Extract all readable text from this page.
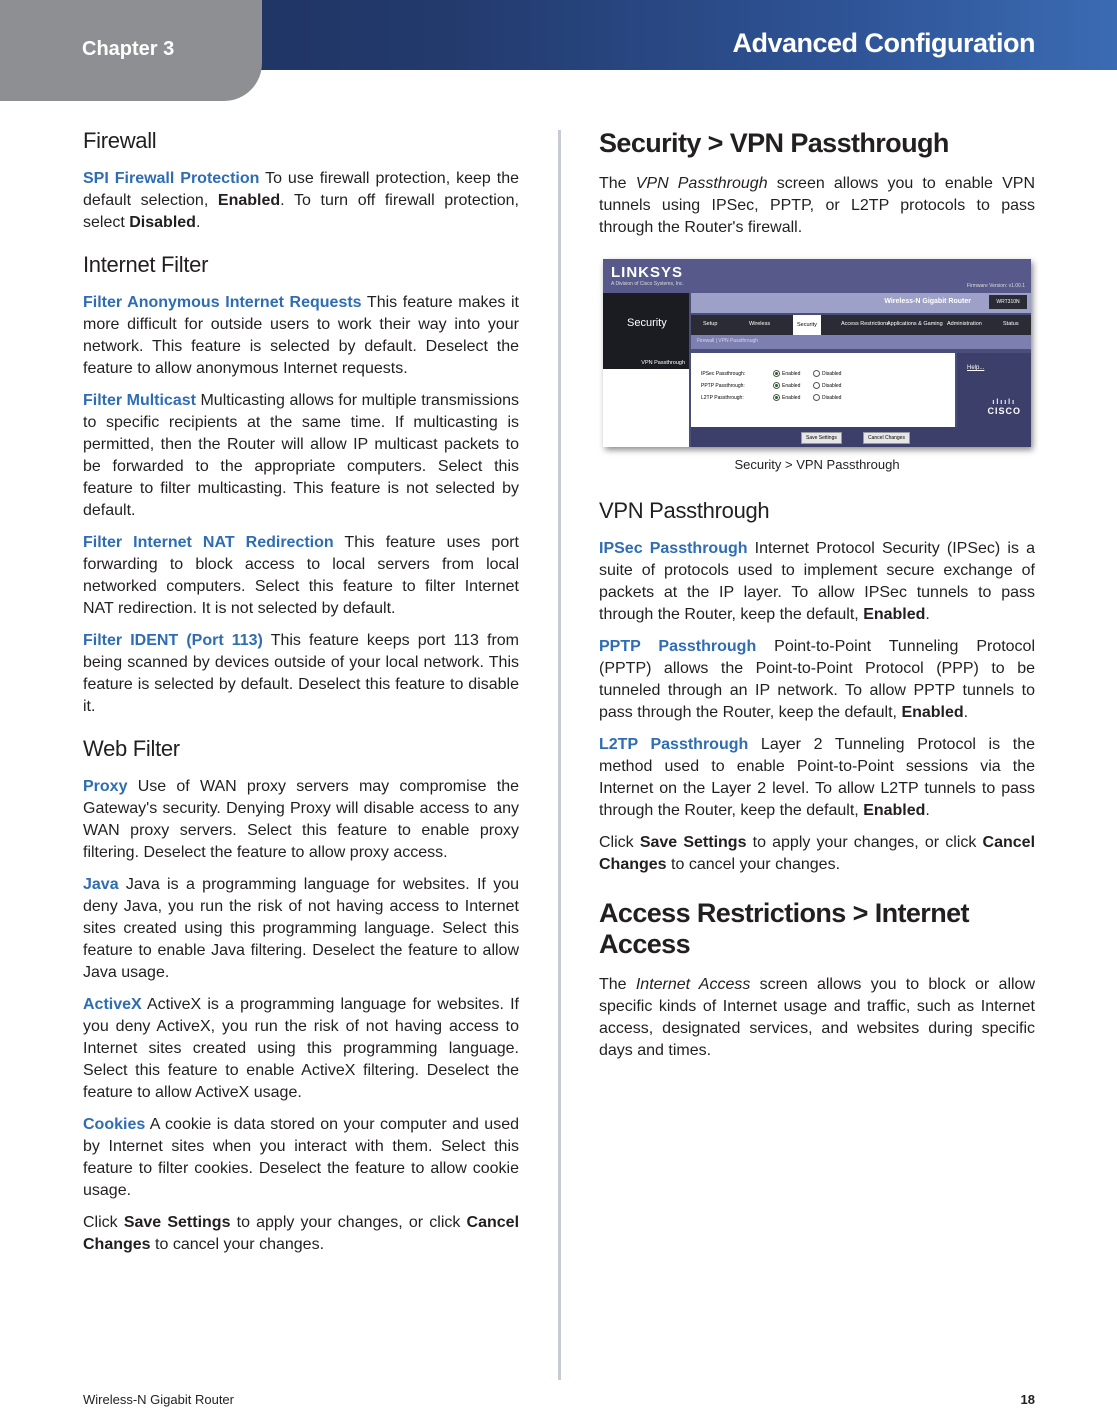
Chapter 3	Advanced Configuration
Firewall

SPI Firewall Protection To use firewall protection, keep the default selection, Enabled. To turn off firewall protection, select Disabled.

Internet Filter

Filter Anonymous Internet Requests This feature makes it more difficult for outside users to work their way into your network. This feature is selected by default. Deselect the feature to allow anonymous Internet requests.

Filter Multicast Multicasting allows for multiple transmissions to specific recipients at the same time. If multicasting is permitted, then the Router will allow IP multicast packets to be forwarded to the appropriate computers. Select this feature to filter multicasting. This feature is not selected by default.

Filter Internet NAT Redirection This feature uses port forwarding to block access to local servers from local networked computers. Select this feature to filter Internet NAT redirection. It is not selected by default.

Filter IDENT (Port 113) This feature keeps port 113 from being scanned by devices outside of your local network. This feature is selected by default. Deselect this feature to disable it.

Web Filter

Proxy Use of WAN proxy servers may compromise the Gateway's security. Denying Proxy will disable access to any WAN proxy servers. Select this feature to enable proxy filtering. Deselect the feature to allow proxy access.

Java Java is a programming language for websites. If you deny Java, you run the risk of not having access to Internet sites created using this programming language. Select this feature to enable Java filtering. Deselect the feature to allow Java usage.

ActiveX ActiveX is a programming language for websites. If you deny ActiveX, you run the risk of not having access to Internet sites created using this programming language. Select this feature to enable ActiveX filtering. Deselect the feature to allow ActiveX usage.

Cookies A cookie is data stored on your computer and used by Internet sites when you interact with them. Select this feature to filter cookies. Deselect the feature to allow cookie usage.

Click Save Settings to apply your changes, or click Cancel Changes to cancel your changes.

Security > VPN Passthrough

The VPN Passthrough screen allows you to enable VPN tunnels using IPSec, PPTP, or L2TP protocols to pass through the Router's firewall.

LINKSYS
A Division of Cisco Systems, Inc.	Firmware Version: v1.00.1
Security
Wireless-N Gigabit Router	WRT310N
Setup	Wireless	Security	Access Restrictions
Applications & Gaming Administration	Status
Firewall | VPN Passthrough
VPN Passthrough
IPSec Passthrough:	Enabled	Disabled
PPTP Passthrough:	Enabled	Disabled
L2TP Passthrough:	Enabled	Disabled
Help...
Save Settings	Cancel Changes
ılıılı
CISCO
Security > VPN Passthrough
VPN Passthrough

IPSec Passthrough Internet Protocol Security (IPSec) is a suite of protocols used to implement secure exchange of packets at the IP layer. To allow IPSec tunnels to pass through the Router, keep the default, Enabled.

PPTP Passthrough Point-to-Point Tunneling Protocol (PPTP) allows the Point-to-Point Protocol (PPP) to be tunneled through an IP network. To allow PPTP tunnels to pass through the Router, keep the default, Enabled.

L2TP Passthrough Layer 2 Tunneling Protocol is the method used to enable Point-to-Point sessions via the Internet on the Layer 2 level. To allow L2TP tunnels to pass through the Router, keep the default, Enabled.

Click Save Settings to apply your changes, or click Cancel Changes to cancel your changes.

Access Restrictions > Internet Access

The Internet Access screen allows you to block or allow specific kinds of Internet usage and traffic, such as Internet access, designated services, and websites during specific days and times.

Wireless-N Gigabit Router	18
